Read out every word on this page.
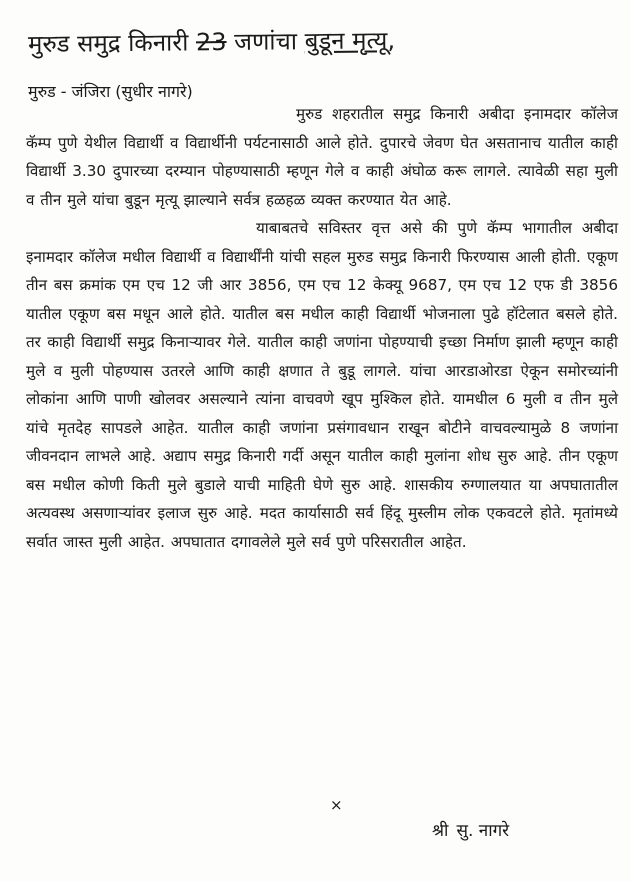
मुरुड समुद्र किनारी 23 जणांचा बुडून मृत्यू,
मुरुड - जंजिरा (सुधीर नागरे)

मुरुड शहरातील समुद्र किनारी अबीदा इनामदार कॉलेज कॅम्प पुणे येथील विद्यार्थी व विद्यार्थीनी पर्यटनासाठी आले होते. दुपारचे जेवण घेत असतानाच यातील काही विद्यार्थी 3.30 दुपारच्या दरम्यान पोहण्यासाठी म्हणून गेले व काही अंघोळ करू लागले. त्यावेळी सहा मुली व तीन मुले यांचा बुडून मृत्यू झाल्याने सर्वत्र हळहळ व्यक्त करण्यात येत आहे.

याबाबतचे सविस्तर वृत्त असे की पुणे कॅम्प भागातील अबीदा इनामदार कॉलेज मधील विद्यार्थी व विद्यार्थींनी यांची सहल मुरुड समुद्र किनारी फिरण्यास आली होती. एकूण तीन बस क्रमांक एम एच 12 जी आर 3856, एम एच 12 केक्यू 9687, एम एच 12 एफ डी 3856 यातील एकूण बस मधून आले होते. यातील बस मधील काही विद्यार्थी भोजनाला पुढे हॉटेलात बसले होते. तर काही विद्यार्थी समुद्र किनाऱ्यावर गेले. यातील काही जणांना पोहण्याची इच्छा निर्माण झाली म्हणून काही मुले व मुली पोहण्यास उतरले आणि काही क्षणात ते बुडू लागले. यांचा आरडाओरडा ऐकून समोरच्यांनी लोकांना आणि पाणी खोलवर असल्याने त्यांना वाचवणे खूप मुश्किल होते. यामधील 6 मुली व तीन मुले यांचे मृतदेह सापडले आहेत. यातील काही जणांना प्रसंगावधान राखून बोटीने वाचवल्यामुळे 8 जणांना जीवनदान लाभले आहे. अद्याप समुद्र किनारी गर्दी असून यातील काही मुलांना शोध सुरु आहे. तीन एकूण बस मधील कोणी किती मुले बुडाले याची माहिती घेणे सुरु आहे. शासकीय रुग्णालयात या अपघातातील अत्यवस्थ असणाऱ्यांवर इलाज सुरु आहे. मदत कार्यासाठी सर्व हिंदू मुस्लीम लोक एकवटले होते. मृतांमध्ये सर्वात जास्त मुली आहेत. अपघातात दगावलेले मुले सर्व पुणे परिसरातील आहेत.

×
श्री सु. नागरे
